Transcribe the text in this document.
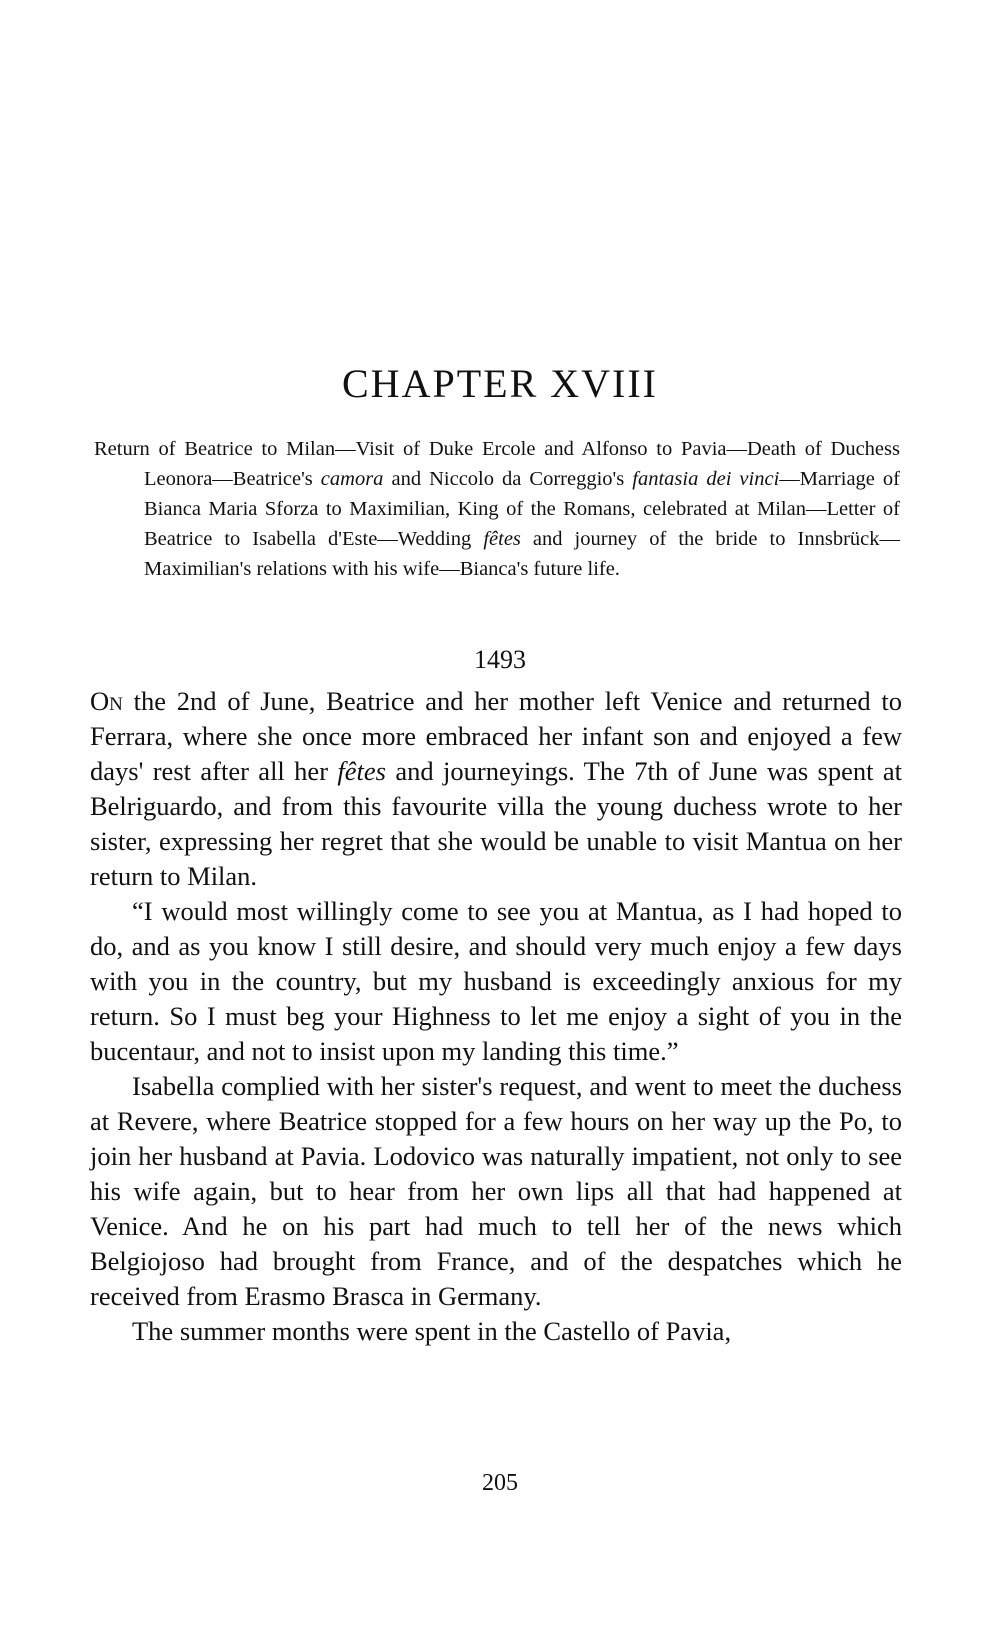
CHAPTER XVIII

Return of Beatrice to Milan—Visit of Duke Ercole and Alfonso to Pavia—Death of Duchess Leonora—Beatrice's camora and Niccolo da Correggio's fantasia dei vinci—Marriage of Bianca Maria Sforza to Maximilian, King of the Romans, celebrated at Milan—Letter of Beatrice to Isabella d'Este—Wedding fêtes and journey of the bride to Innsbrück—Maximilian's relations with his wife—Bianca's future life.

1493

On the 2nd of June, Beatrice and her mother left Venice and returned to Ferrara, where she once more embraced her infant son and enjoyed a few days' rest after all her fêtes and journeyings. The 7th of June was spent at Belriguardo, and from this favourite villa the young duchess wrote to her sister, expressing her regret that she would be unable to visit Mantua on her return to Milan.

“I would most willingly come to see you at Mantua, as I had hoped to do, and as you know I still desire, and should very much enjoy a few days with you in the country, but my husband is exceedingly anxious for my return. So I must beg your Highness to let me enjoy a sight of you in the bucentaur, and not to insist upon my landing this time.”

Isabella complied with her sister's request, and went to meet the duchess at Revere, where Beatrice stopped for a few hours on her way up the Po, to join her husband at Pavia. Lodovico was naturally impatient, not only to see his wife again, but to hear from her own lips all that had happened at Venice. And he on his part had much to tell her of the news which Belgiojoso had brought from France, and of the despatches which he received from Erasmo Brasca in Germany.

The summer months were spent in the Castello of Pavia,

205
